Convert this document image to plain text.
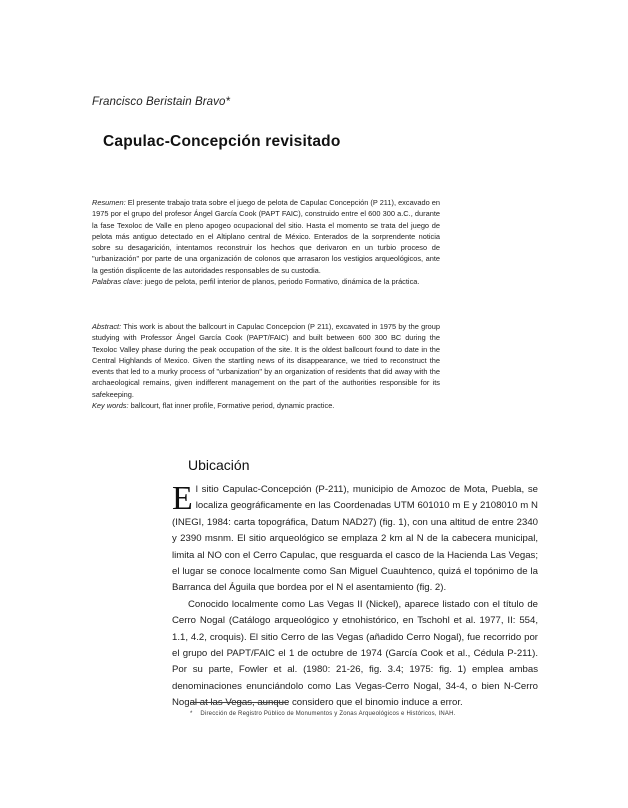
Francisco Beristain Bravo*
Capulac-Concepción revisitado

Resumen: El presente trabajo trata sobre el juego de pelota de Capulac Concepción (P 211), excavado en 1975 por el grupo del profesor Ángel García Cook (PAPT FAIC), construido entre el 600 300 a.C., durante la fase Texoloc de Valle en pleno apogeo ocupacional del sitio. Hasta el momento se trata del juego de pelota más antiguo detectado en el Altiplano central de México. Enterados de la sorprendente noticia sobre su desagarición, intentamos reconstruir los hechos que derivaron en un turbio proceso de "urbanización" por parte de una organización de colonos que arrasaron los vestigios arqueológicos, ante la gestión displicente de las autoridades responsables de su custodia.

Palabras clave: juego de pelota, perfil interior de planos, periodo Formativo, dinámica de la práctica.

Abstract: This work is about the ballcourt in Capulac Concepcion (P 211), excavated in 1975 by the group studying with Professor Ángel García Cook (PAPT/FAIC) and built between 600 300 BC during the Texoloc Valley phase during the peak occupation of the site. It is the oldest ballcourt found to date in the Central Highlands of Mexico. Given the startling news of its disappearance, we tried to reconstruct the events that led to a murky process of "urbanization" by an organization of residents that did away with the archaeological remains, given indifferent management on the part of the authorities responsible for its safekeeping.

Key words: ballcourt, flat inner profile, Formative period, dynamic practice.

Ubicación

E l sitio Capulac-Concepción (P-211), municipio de Amozoc de Mota, Puebla, se localiza geográficamente en las Coordenadas UTM 601010 m E y 2108010 m N (INEGI, 1984: carta topográfica, Datum NAD27) (fig. 1), con una altitud de entre 2340 y 2390 msnm. El sitio arqueológico se emplaza 2 km al N de la cabecera municipal, limita al NO con el Cerro Capulac, que resguarda el casco de la Hacienda Las Vegas; el lugar se conoce localmente como San Miguel Cuauhtenco, quizá el topónimo de la Barranca del Águila que bordea por el N el asentamiento (fig. 2).

Conocido localmente como Las Vegas II (Nickel), aparece listado con el título de Cerro Nogal (Catálogo arqueológico y etnohistórico, en Tschohl et al. 1977, II: 554, 1.1, 4.2, croquis). El sitio Cerro de las Vegas (añadido Cerro Nogal), fue recorrido por el grupo del PAPT/FAIC el 1 de octubre de 1974 (García Cook et al., Cédula P-211). Por su parte, Fowler et al. (1980: 21-26, fig. 3.4; 1975: fig. 1) emplea ambas denominaciones enunciándolo como Las Vegas-Cerro Nogal, 34-4, o bien N-Cerro Nogal at las Vegas, aunque considero que el binomio induce a error.

* Dirección de Registro Público de Monumentos y Zonas Arqueológicos e Históricos, INAH.
